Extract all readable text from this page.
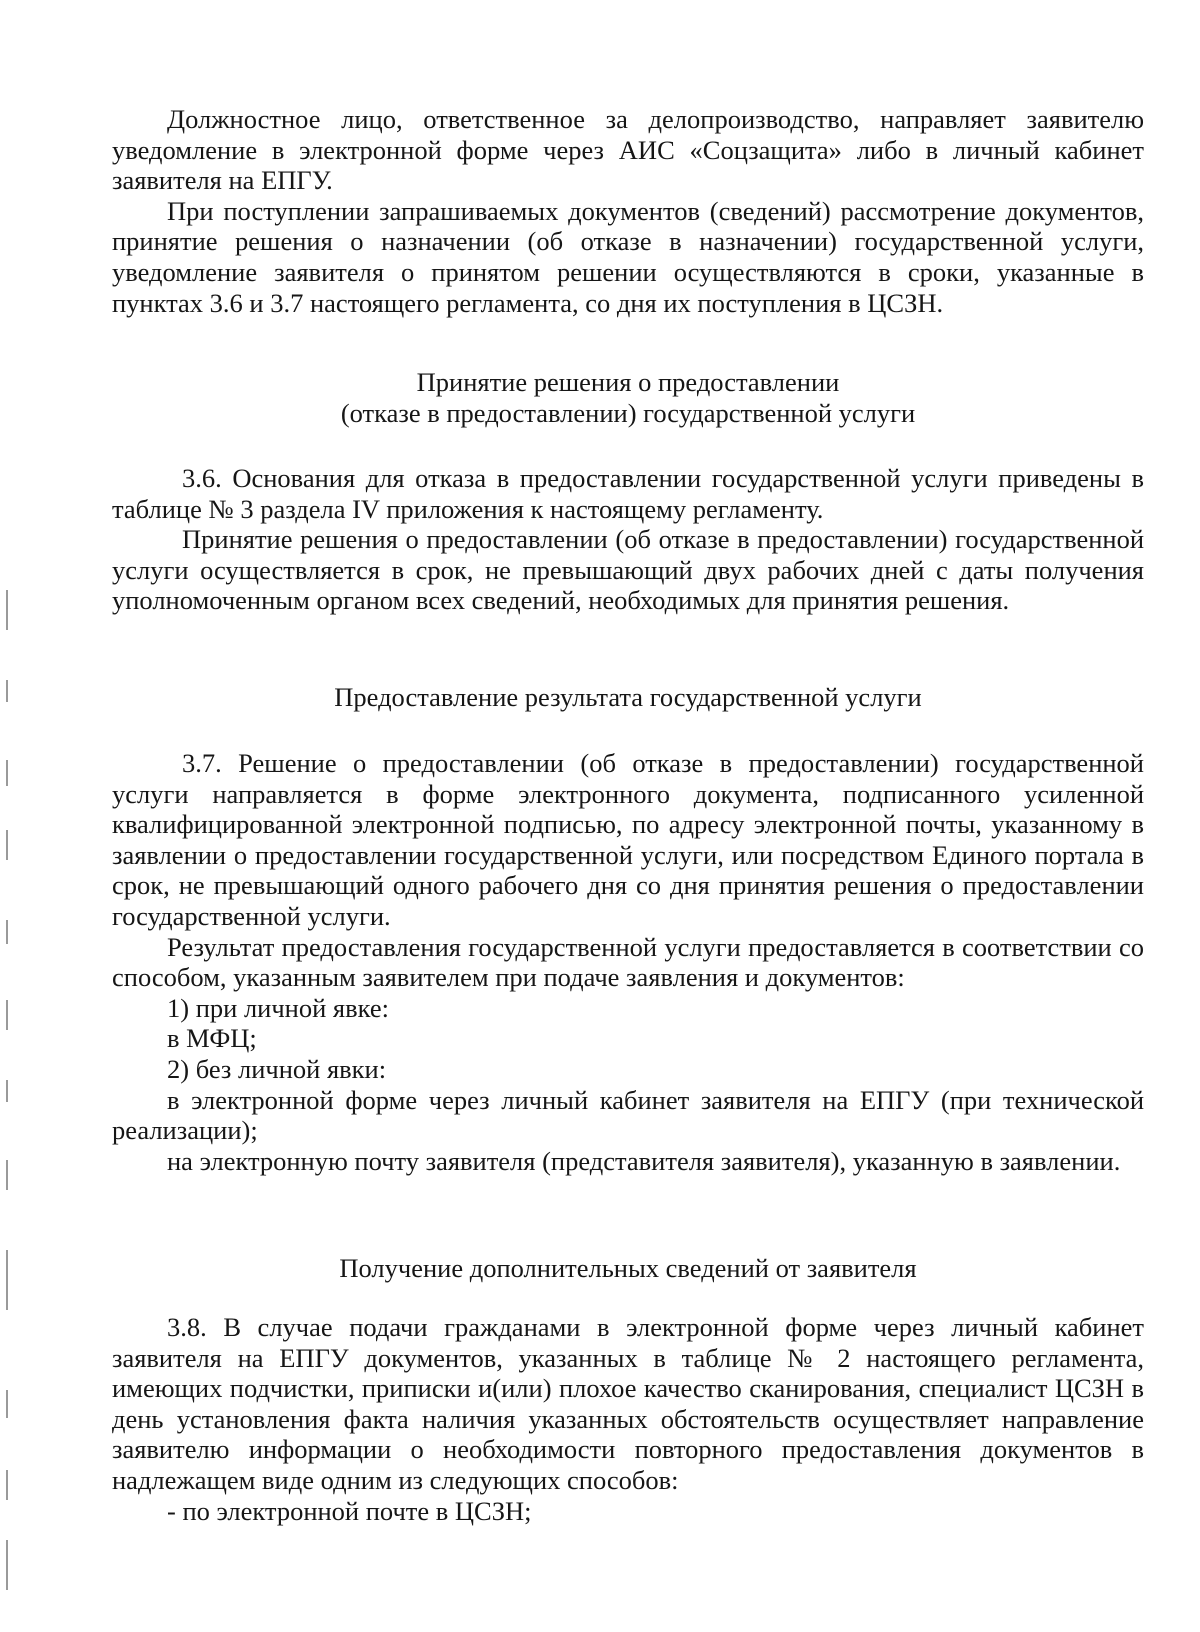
Должностное лицо, ответственное за делопроизводство, направляет заявителю уведомление в электронной форме через АИС «Соцзащита» либо в личный кабинет заявителя на ЕПГУ.

При поступлении запрашиваемых документов (сведений) рассмотрение документов, принятие решения о назначении (об отказе в назначении) государственной услуги, уведомление заявителя о принятом решении осуществляются в сроки, указанные в пунктах 3.6 и 3.7 настоящего регламента, со дня их поступления в ЦСЗН.

Принятие решения о предоставлении

(отказе в предоставлении) государственной услуги

3.6. Основания для отказа в предоставлении государственной услуги приведены в таблице № 3 раздела IV приложения к настоящему регламенту.

Принятие решения о предоставлении (об отказе в предоставлении) государственной услуги осуществляется в срок, не превышающий двух рабочих дней с даты получения уполномоченным органом всех сведений, необходимых для принятия решения.

Предоставление результата государственной услуги

3.7. Решение о предоставлении (об отказе в предоставлении) государственной услуги направляется в форме электронного документа, подписанного усиленной квалифицированной электронной подписью, по адресу электронной почты, указанному в заявлении о предоставлении государственной услуги, или посредством Единого портала в срок, не превышающий одного рабочего дня со дня принятия решения о предоставлении государственной услуги.

Результат предоставления государственной услуги предоставляется в соответствии со способом, указанным заявителем при подаче заявления и документов:

1) при личной явке:

в МФЦ;

2) без личной явки:

в электронной форме через личный кабинет заявителя на ЕПГУ (при технической реализации);

на электронную почту заявителя (представителя заявителя), указанную в заявлении.

Получение дополнительных сведений от заявителя

3.8. В случае подачи гражданами в электронной форме через личный кабинет заявителя на ЕПГУ документов, указанных в таблице № 2 настоящего регламента, имеющих подчистки, приписки и(или) плохое качество сканирования, специалист ЦСЗН в день установления факта наличия указанных обстоятельств осуществляет направление заявителю информации о необходимости повторного предоставления документов в надлежащем виде одним из следующих способов:

- по электронной почте в ЦСЗН;
